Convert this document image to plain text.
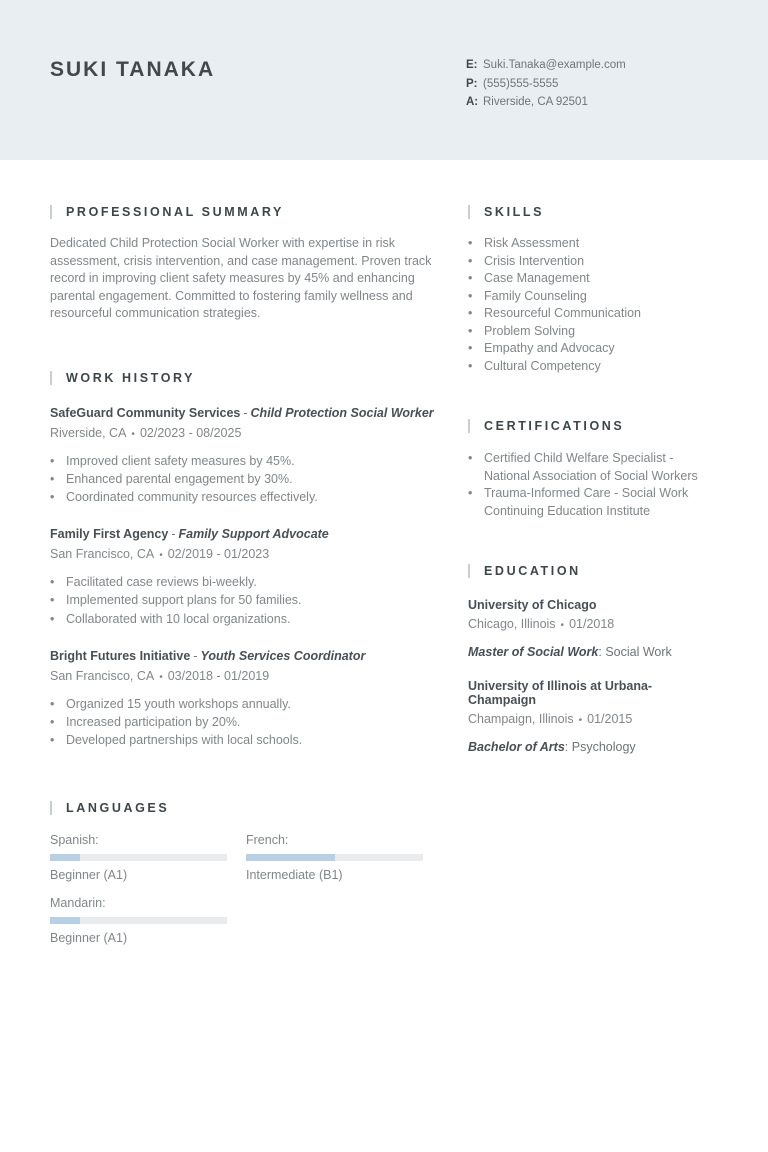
SUKI TANAKA	E: Suki.Tanaka@example.com
P: (555)555-5555
A: Riverside, CA 92501
PROFESSIONAL SUMMARY

Dedicated Child Protection Social Worker with expertise in risk assessment, crisis intervention, and case management. Proven track record in improving client safety measures by 45% and enhancing parental engagement. Committed to fostering family wellness and resourceful communication strategies.

WORK HISTORY
SafeGuard Community Services - Child Protection Social Worker
Riverside, CA • 02/2023 - 08/2025
• Improved client safety measures by 45%.
• Enhanced parental engagement by 30%.
• Coordinated community resources effectively.
Family First Agency - Family Support Advocate
San Francisco, CA • 02/2019 - 01/2023
• Facilitated case reviews bi-weekly.
• Implemented support plans for 50 families.
• Collaborated with 10 local organizations.
Bright Futures Initiative - Youth Services Coordinator
San Francisco, CA • 03/2018 - 01/2019
• Organized 15 youth workshops annually.
• Increased participation by 20%.
• Developed partnerships with local schools.
LANGUAGES
Spanish:
Beginner (A1)
French:
Intermediate (B1)
Mandarin:
Beginner (A1)
SKILLS
• Risk Assessment
• Crisis Intervention
• Case Management
• Family Counseling
• Resourceful Communication
• Problem Solving
• Empathy and Advocacy
• Cultural Competency
CERTIFICATIONS
• Certified Child Welfare Specialist - National Association of Social Workers
• Trauma-Informed Care - Social Work Continuing Education Institute
EDUCATION
University of Chicago
Chicago, Illinois • 01/2018
Master of Social Work: Social Work
University of Illinois at Urbana-Champaign
Champaign, Illinois • 01/2015
Bachelor of Arts: Psychology
